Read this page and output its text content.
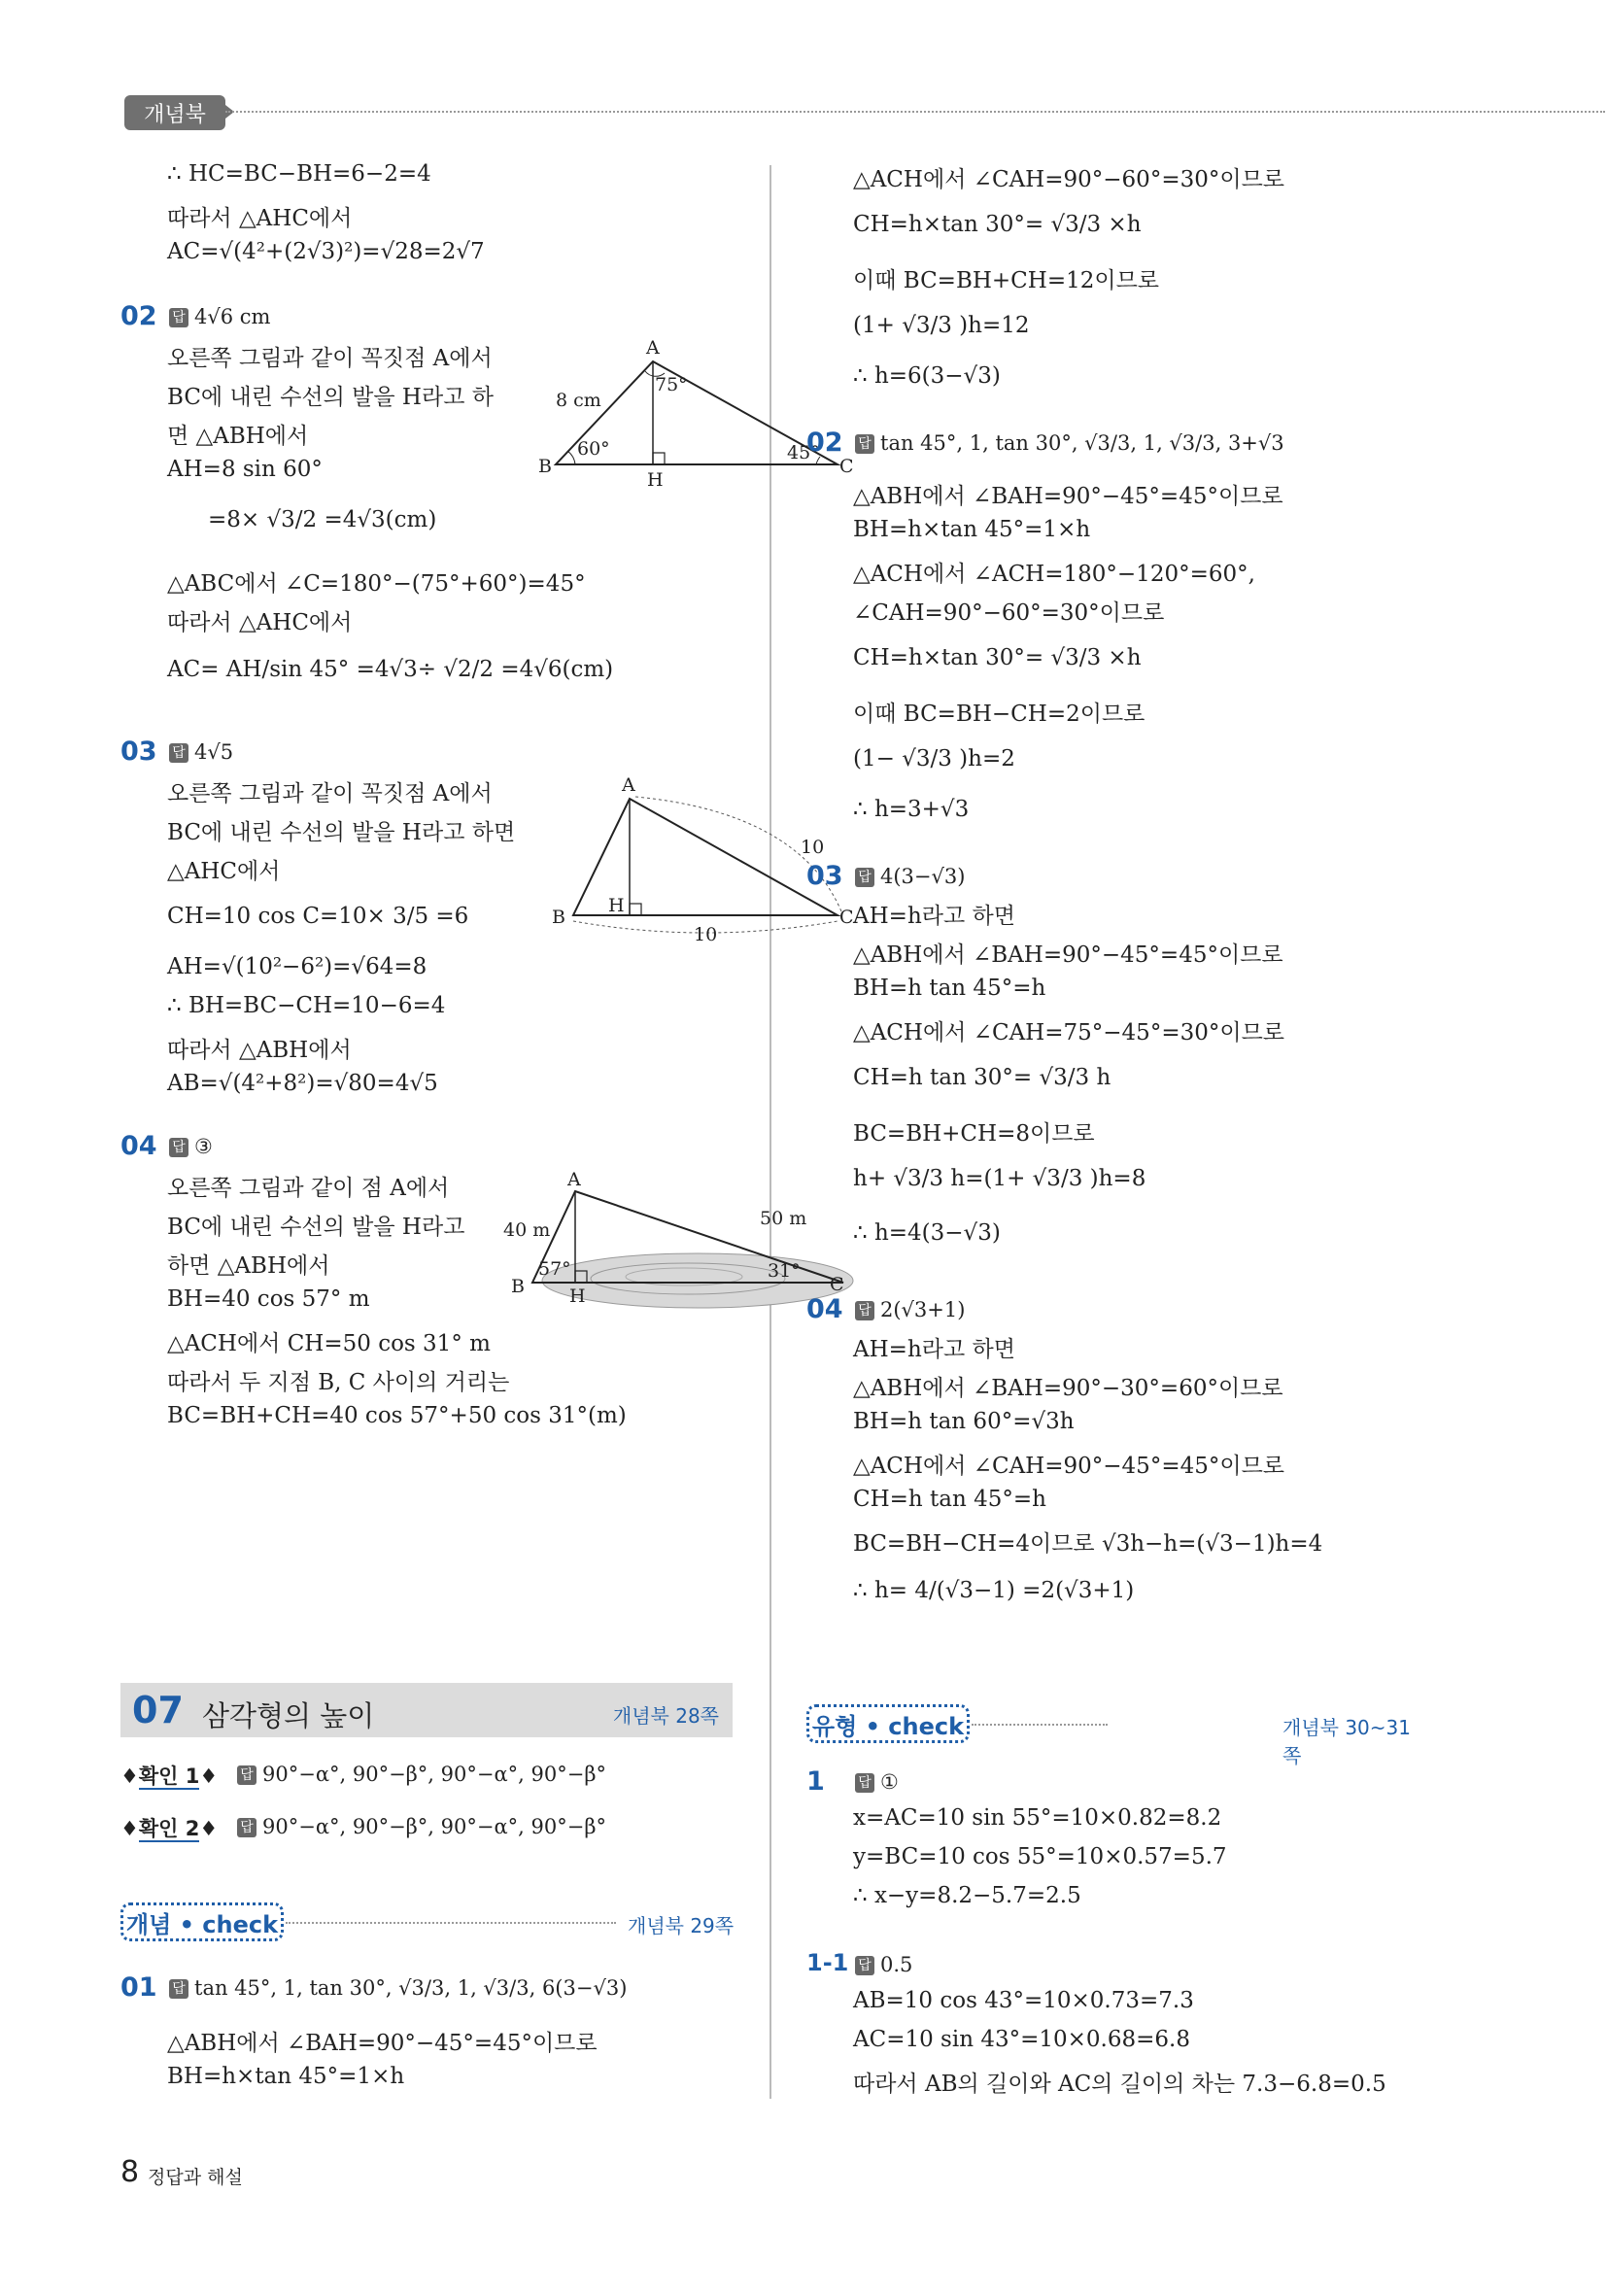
개념북
∴ HC=BC−BH=6−2=4
따라서 △AHC에서
AC=√(4²+(2√3)²)=√28=2√7
02 답 4√6 cm
오른쪽 그림과 같이 꼭짓점 A에서
BC에 내린 수선의 발을 H라고 하
면 △ABH에서
AH=8 sin 60°
=8× √3/2 =4√3(cm)
△ABC에서 ∠C=180°−(75°+60°)=45°
따라서 △AHC에서
AC= AH/sin 45° =4√3÷ √2/2 =4√6(cm)
A
B	C
H
8 cm
75°
60°	45°
03 답 4√5
오른쪽 그림과 같이 꼭짓점 A에서
BC에 내린 수선의 발을 H라고 하면
△AHC에서
CH=10 cos C=10× 3/5 =6
AH=√(10²−6²)=√64=8
∴ BH=BC−CH=10−6=4
따라서 △ABH에서
AB=√(4²+8²)=√80=4√5
A
B	C
H
10
10
04 답 ③
오른쪽 그림과 같이 점 A에서
BC에 내린 수선의 발을 H라고
하면 △ABH에서
BH=40 cos 57° m
△ACH에서 CH=50 cos 31° m
따라서 두 지점 B, C 사이의 거리는
BC=BH+CH=40 cos 57°+50 cos 31°(m)
A
B	C
H
40 m
50 m
57°	31°
07 삼각형의 높이	개념북 28쪽
♦확인 1♦ 답 90°−α°, 90°−β°, 90°−α°, 90°−β°
♦확인 2♦ 답 90°−α°, 90°−β°, 90°−α°, 90°−β°
개념 • check	개념북 29쪽
01 답 tan 45°, 1, tan 30°, √3/3, 1, √3/3, 6(3−√3)
△ABH에서 ∠BAH=90°−45°=45°이므로
BH=h×tan 45°=1×h
△ACH에서 ∠CAH=90°−60°=30°이므로
CH=h×tan 30°= √3/3 ×h
이때 BC=BH+CH=12이므로
(1+ √3/3 )h=12
∴ h=6(3−√3)
02 답 tan 45°, 1, tan 30°, √3/3, 1, √3/3, 3+√3
△ABH에서 ∠BAH=90°−45°=45°이므로
BH=h×tan 45°=1×h
△ACH에서 ∠ACH=180°−120°=60°,
∠CAH=90°−60°=30°이므로
CH=h×tan 30°= √3/3 ×h
이때 BC=BH−CH=2이므로
(1− √3/3 )h=2
∴ h=3+√3
03 답 4(3−√3)
AH=h라고 하면
△ABH에서 ∠BAH=90°−45°=45°이므로
BH=h tan 45°=h
△ACH에서 ∠CAH=75°−45°=30°이므로
CH=h tan 30°= √3/3 h
BC=BH+CH=8이므로
h+ √3/3 h=(1+ √3/3 )h=8
∴ h=4(3−√3)
04 답 2(√3+1)
AH=h라고 하면
△ABH에서 ∠BAH=90°−30°=60°이므로
BH=h tan 60°=√3h
△ACH에서 ∠CAH=90°−45°=45°이므로
CH=h tan 45°=h
BC=BH−CH=4이므로 √3h−h=(√3−1)h=4
∴ h= 4/(√3−1) =2(√3+1)
유형 • check	개념북 30~31쪽
1 답 ①
x=AC=10 sin 55°=10×0.82=8.2
y=BC=10 cos 55°=10×0.57=5.7
∴ x−y=8.2−5.7=2.5
1-1 답 0.5
AB=10 cos 43°=10×0.73=7.3
AC=10 sin 43°=10×0.68=6.8
따라서 AB의 길이와 AC의 길이의 차는 7.3−6.8=0.5
8 정답과 해설
